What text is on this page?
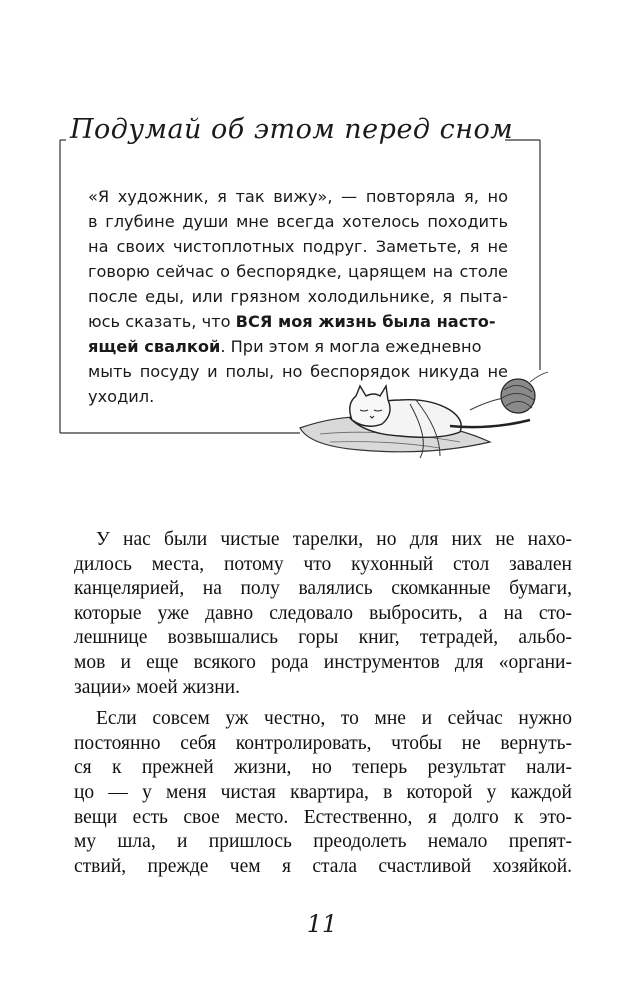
Подумай об этом перед сном
«Я художник, я так вижу», — повторяла я, но
в глубине души мне всегда хотелось походить
на своих чистоплотных подруг. Заметьте, я не
говорю сейчас о беспорядке, царящем на столе
после еды, или грязном холодильнике, я пыта-
юсь сказать, что ВСЯ моя жизнь была насто-
ящей свалкой. При этом я могла ежедневно
мыть посуду и полы, но беспорядок никуда не
уходил.
У нас были чистые тарелки, но для них не нахо-
дилось места, потому что кухонный стол завален
канцелярией, на полу валялись скомканные бумаги,
которые уже давно следовало выбросить, а на сто-
лешнице возвышались горы книг, тетрадей, альбо-
мов и еще всякого рода инструментов для «органи-
зации» моей жизни.
Если совсем уж честно, то мне и сейчас нужно
постоянно себя контролировать, чтобы не вернуть-
ся к прежней жизни, но теперь результат нали-
цо — у меня чистая квартира, в которой у каждой
вещи есть свое место. Естественно, я долго к это-
му шла, и пришлось преодолеть немало препят-
ствий, прежде чем я стала счастливой хозяйкой.
11
